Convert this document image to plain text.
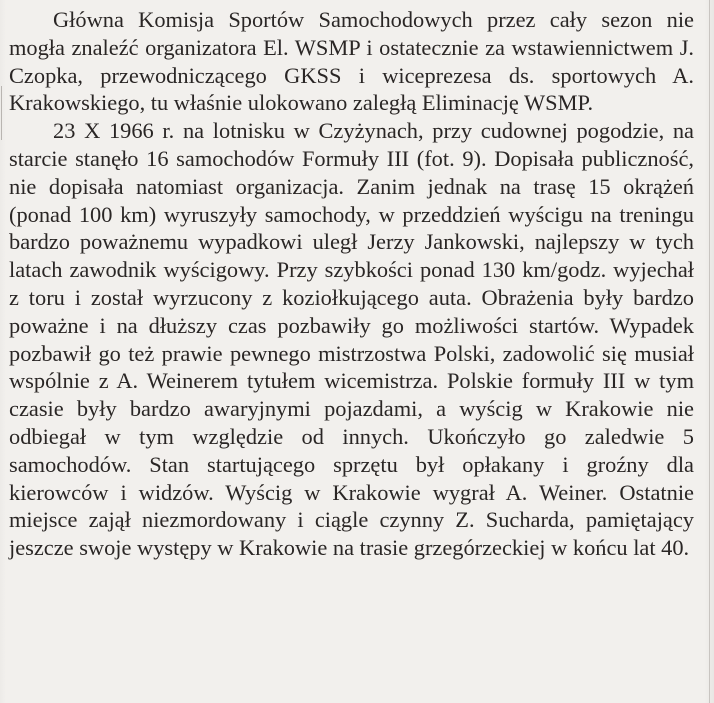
Główna Komisja Sportów Samochodowych przez cały sezon nie mogła znaleźć organizatora El. WSMP i ostatecznie za wstawiennictwem J. Czopka, przewodniczącego GKSS i wiceprezesa ds. sportowych A. Krakowskiego, tu właśnie ulokowano zaległą Eliminację WSMP.

23 X 1966 r. na lotnisku w Czyżynach, przy cudownej pogodzie, na starcie stanęło 16 samochodów Formuły III (fot. 9). Dopisała publiczność, nie dopisała natomiast organizacja. Zanim jednak na trasę 15 okrążeń (ponad 100 km) wyruszyły samochody, w przeddzień wyścigu na treningu bardzo poważnemu wypadkowi uległ Jerzy Jankowski, najlepszy w tych latach zawodnik wyścigowy. Przy szybkości ponad 130 km/godz. wyjechał z toru i został wyrzucony z koziołkującego auta. Obrażenia były bardzo poważne i na dłuższy czas pozbawiły go możliwości startów. Wypadek pozbawił go też prawie pewnego mistrzostwa Polski, zadowolić się musiał wspólnie z A. Weinerem tytułem wicemistrza. Polskie formuły III w tym czasie były bardzo awaryjnymi pojazdami, a wyścig w Krakowie nie odbiegał w tym względzie od innych. Ukończyło go zaledwie 5 samochodów. Stan startującego sprzętu był opłakany i groźny dla kierowców i widzów. Wyścig w Krakowie wygrał A. Weiner. Ostatnie miejsce zajął niezmordowany i ciągle czynny Z. Sucharda, pamiętający jeszcze swoje występy w Krakowie na trasie grzegórzeckiej w końcu lat 40.
